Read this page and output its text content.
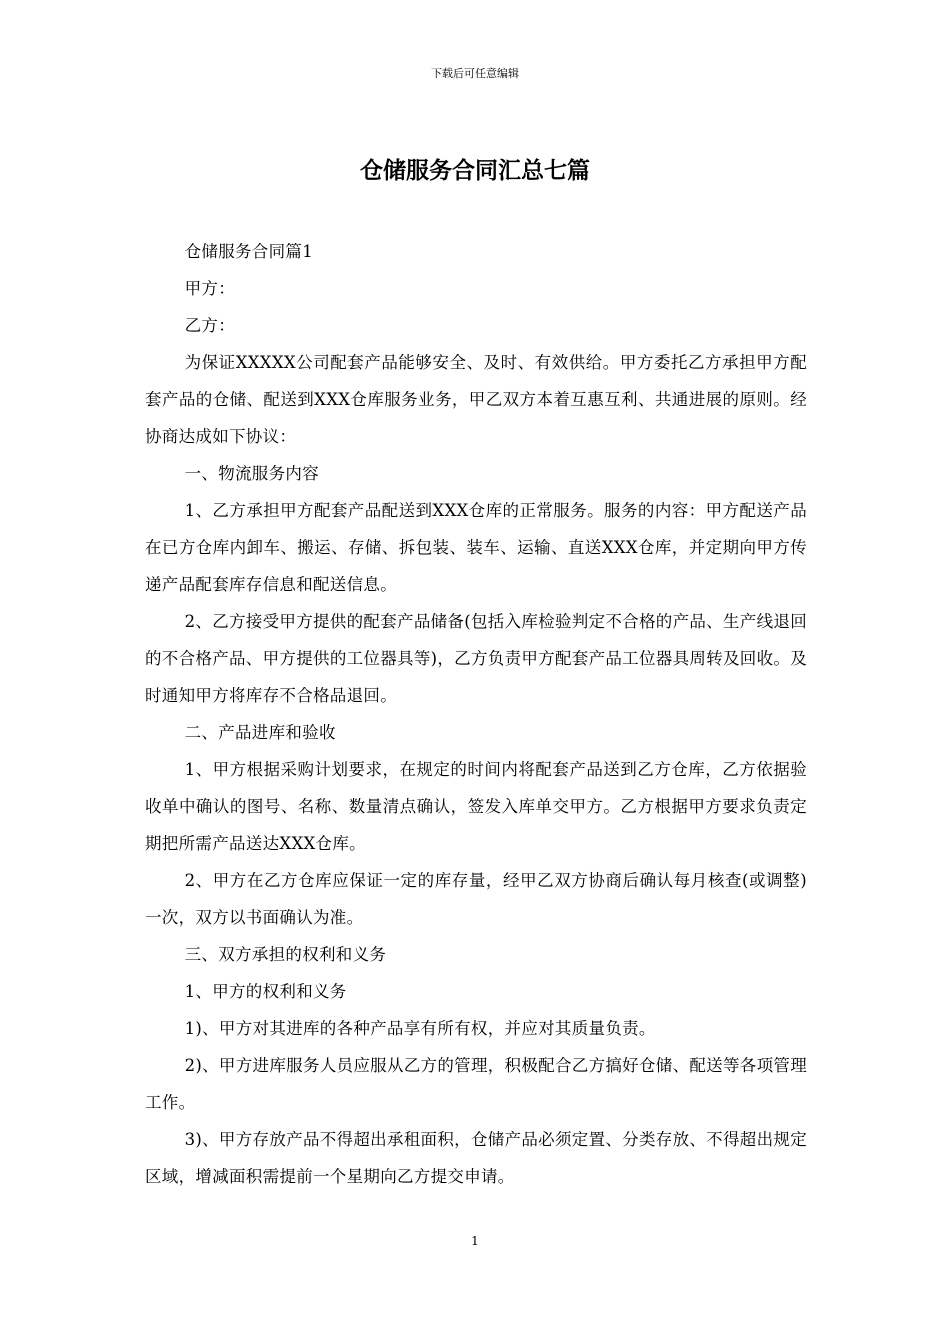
下载后可任意编辑
仓储服务合同汇总七篇

仓储服务合同篇1

甲方：

乙方：

为保证XXXXX公司配套产品能够安全、及时、有效供给。甲方委托乙方承担甲方配套产品的仓储、配送到XXX仓库服务业务，甲乙双方本着互惠互利、共通进展的原则。经协商达成如下协议：

一、物流服务内容

1、乙方承担甲方配套产品配送到XXX仓库的正常服务。服务的内容：甲方配送产品在已方仓库内卸车、搬运、存储、拆包装、装车、运输、直送XXX仓库，并定期向甲方传递产品配套库存信息和配送信息。

2、乙方接受甲方提供的配套产品储备(包括入库检验判定不合格的产品、生产线退回的不合格产品、甲方提供的工位器具等)，乙方负责甲方配套产品工位器具周转及回收。及时通知甲方将库存不合格品退回。

二、产品进库和验收

1、甲方根据采购计划要求，在规定的时间内将配套产品送到乙方仓库，乙方依据验收单中确认的图号、名称、数量清点确认，签发入库单交甲方。乙方根据甲方要求负责定期把所需产品送达XXX仓库。

2、甲方在乙方仓库应保证一定的库存量，经甲乙双方协商后确认每月核查(或调整)一次，双方以书面确认为准。

三、双方承担的权利和义务

1、甲方的权利和义务

1)、甲方对其进库的各种产品享有所有权，并应对其质量负责。

2)、甲方进库服务人员应服从乙方的管理，积极配合乙方搞好仓储、配送等各项管理工作。

3)、甲方存放产品不得超出承租面积，仓储产品必须定置、分类存放、不得超出规定区域，增减面积需提前一个星期向乙方提交申请。

1
